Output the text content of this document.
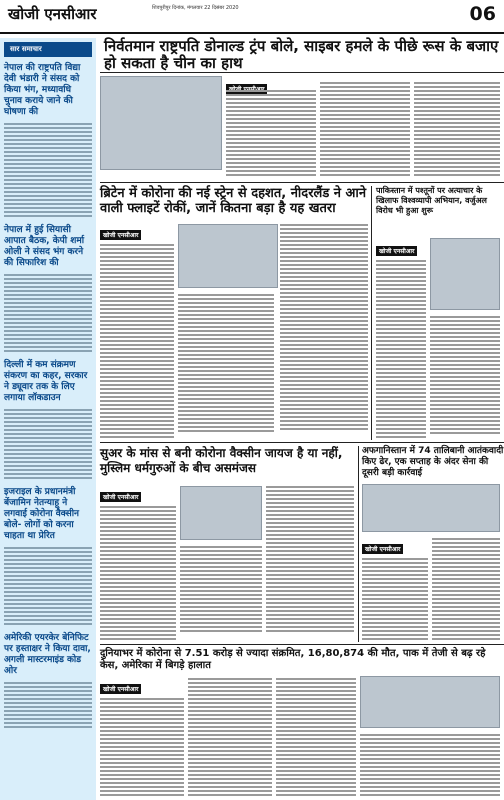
खोजी एनसीआर	शिवपुरीपुर दिनांक, मंगलवार 22 दिसंबर 2020	06
सार समाचार
नेपाल की राष्ट्रपति विद्या देवी भंडारी ने संसद को किया भंग, मध्यावधि चुनाव कराये जाने की घोषणा की
नेपाल में हुई सियासी आपात बैठक, केपी शर्मा ओली ने संसद भंग करने की सिफारिश की
दिल्ली में कम संक्रमण संकरण का कहर, सरकार ने ड्यूवार तक के लिए लगाया लॉकडाउन
इजराइल के प्रधानमंत्री बेंजामिन नेतन्याहू ने लगवाई कोरोना वैक्सीन बोले- लोगों को करना चाहता था प्रेरित
अमेरिकी एयरकेर बेनिफिट पर हस्ताक्षर ने किया दावा, अगली मास्टरमाइंड कोड ओर
निर्वतमान राष्ट्रपति डोनाल्ड ट्रंप बोले, साइबर हमले के पीछे रूस के बजाए हो सकता है चीन का हाथ
ब्रिटेन में कोरोना की नई स्ट्रेन से दहशत, नीदरलैंड ने आने वाली फ्लाइटें रोकीं, जानें कितना बड़ा है यह खतरा
खोजी एनसीआर
पाकिस्तान में पश्तूनों पर अत्याचार के खिलाफ विश्वव्यापी अभियान, वर्जुअल विरोध भी हुआ शुरू
खोजी एनसीआर
सुअर के मांस से बनी कोरोना वैक्सीन जायज है या नहीं, मुस्लिम धर्मगुरुओं के बीच असमंजस
खोजी एनसीआर
अफगानिस्तान में 74 तालिबानी आतंकवादी किए ढेर, एक सप्ताह के अंदर सेना की दूसरी बड़ी कार्रवाई
खोजी एनसीआर
दुनियाभर में कोरोना से 7.51 करोड़ से ज्यादा संक्रमित, 16,80,874 की मौत, पाक में तेजी से बढ़ रहे केस, अमेरिका में बिगड़े हालात
खोजी एनसीआर
